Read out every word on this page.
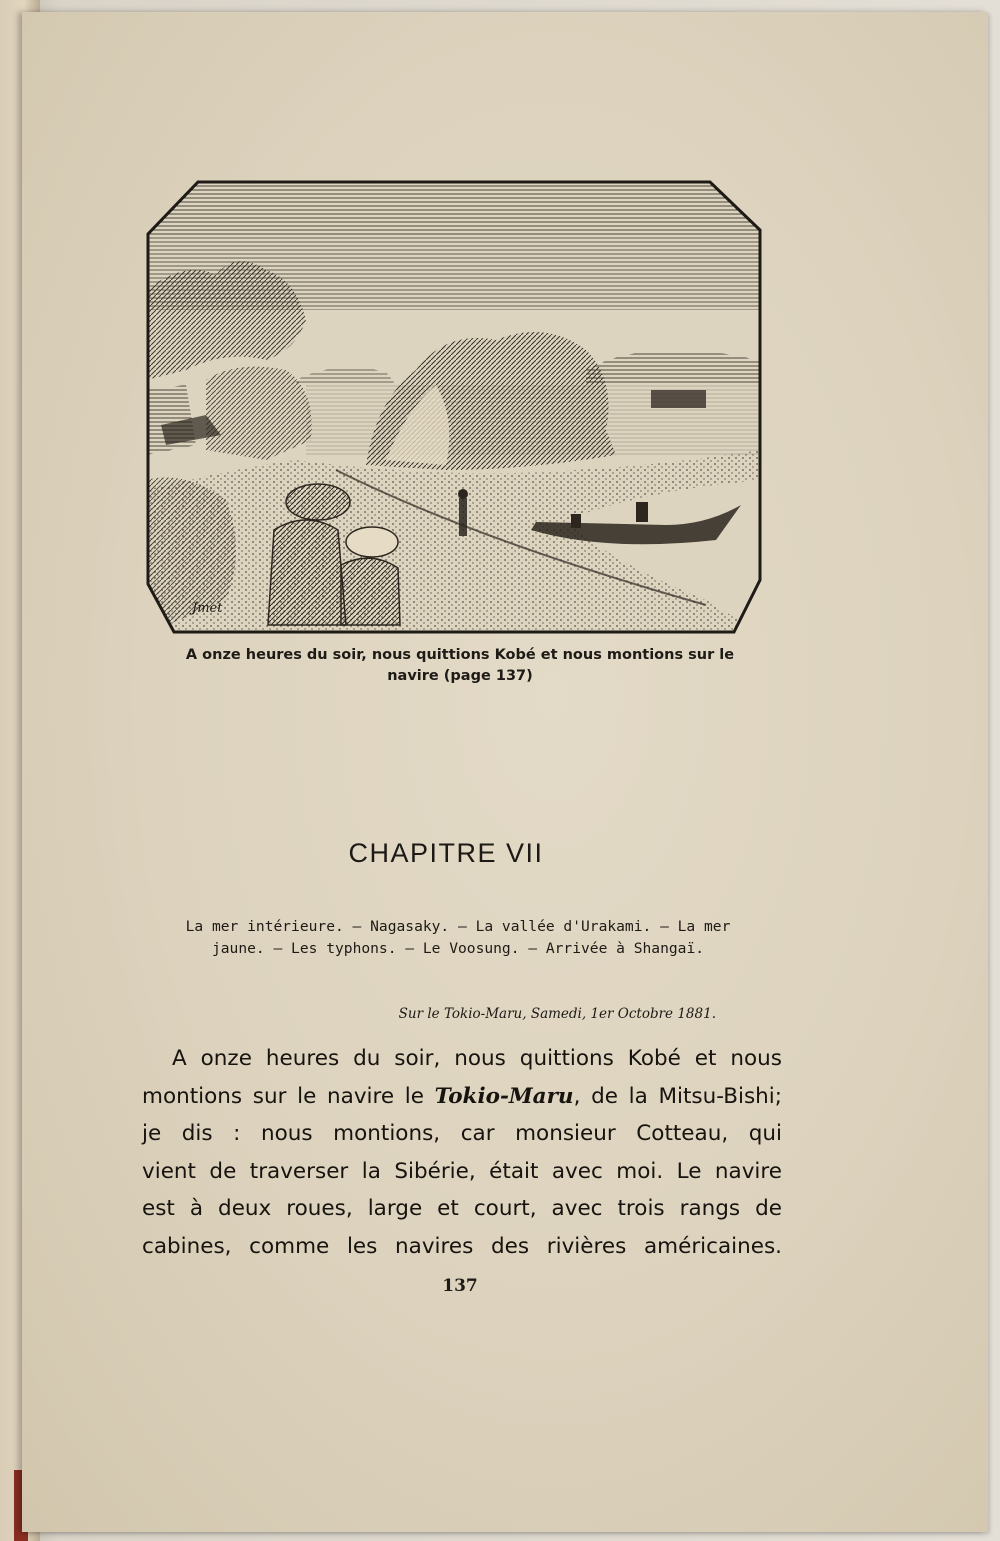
Jmet
A onze heures du soir, nous quittions Kobé et nous montions sur le
navire (page 137)
CHAPITRE VII
La mer intérieure. — Nagasaky. — La vallée d'Urakami. — La mer
jaune. — Les typhons. — Le Voosung. — Arrivée à Shangaï.
Sur le Tokio-Maru, Samedi, 1er Octobre 1881.
A onze heures du soir, nous quittions Kobé et nous
montions sur le navire le Tokio-Maru, de la Mitsu-Bishi;
je dis : nous montions, car monsieur Cotteau, qui
vient de traverser la Sibérie, était avec moi. Le navire
est à deux roues, large et court, avec trois rangs de
cabines, comme les navires des rivières américaines.
137
